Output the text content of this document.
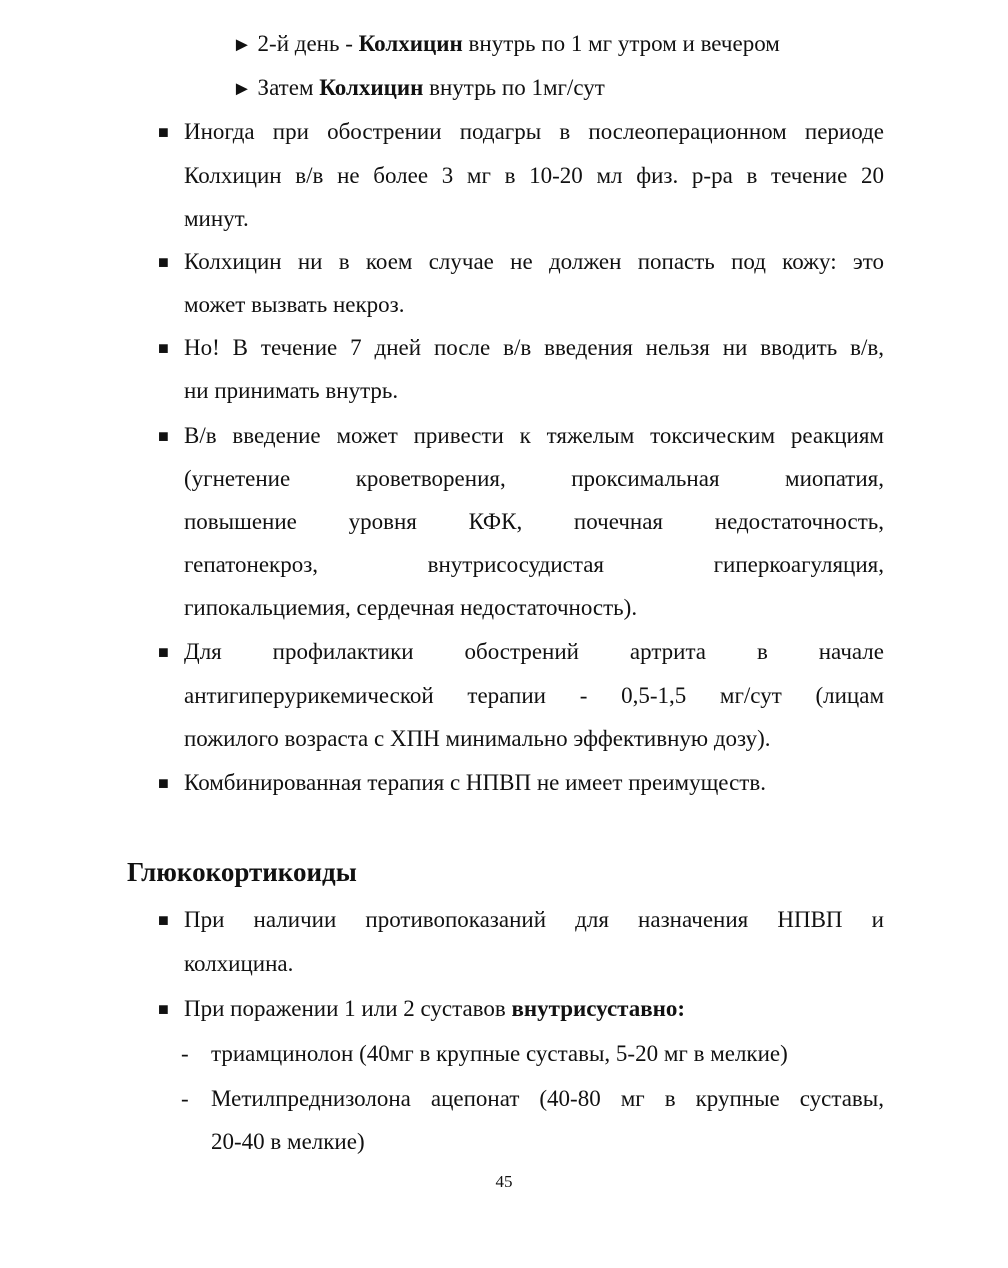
► 2-й день - Колхицин внутрь по 1 мг утром и вечером
► Затем Колхицин внутрь по 1мг/сут
■ Иногда при обострении подагры в послеоперационном периоде
Колхицин в/в не более 3 мг в 10-20 мл физ. р-ра в течение 20
минут.
■ Колхицин ни в коем случае не должен попасть под кожу: это
может вызвать некроз.
■ Но! В течение 7 дней после в/в введения нельзя ни вводить в/в,
ни принимать внутрь.
■ В/в введение может привести к тяжелым токсическим реакциям
(угнетение кроветворения, проксимальная миопатия,
повышение уровня КФК, почечная недостаточность,
гепатонекроз, внутрисосудистая гиперкоагуляция,
гипокальциемия, сердечная недостаточность).
■ Для профилактики обострений артрита в начале
антигиперурикемической терапии - 0,5-1,5 мг/сут (лицам
пожилого возраста с ХПН минимально эффективную дозу).
■ Комбинированная терапия с НПВП не имеет преимуществ.
Глюкокортикоиды
■ При наличии противопоказаний для назначения НПВП и
колхицина.
■ При поражении 1 или 2 суставов внутрисуставно:
- триамцинолон (40мг в крупные суставы, 5-20 мг в мелкие)
- Метилпреднизолона ацепонат (40-80 мг в крупные суставы,
20-40 в мелкие)
45
